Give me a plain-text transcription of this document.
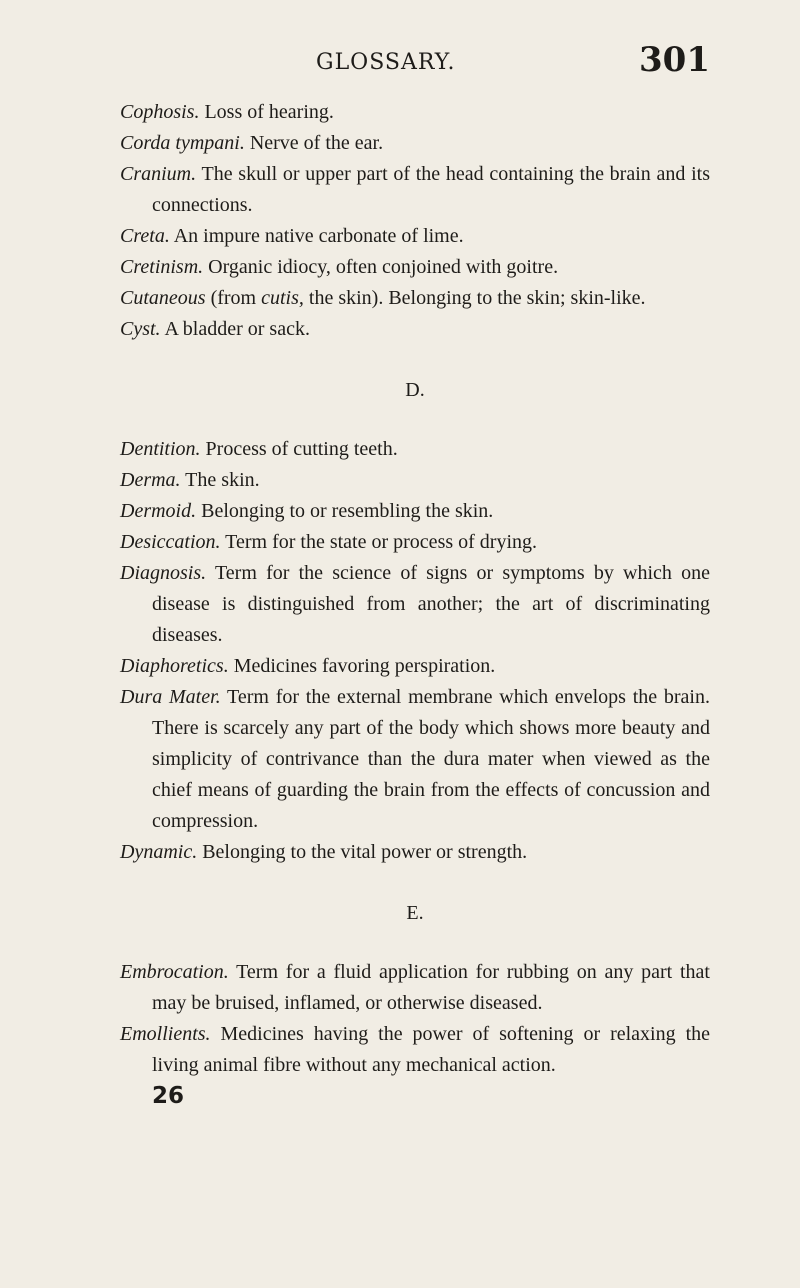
GLOSSARY.	301

Cophosis. Loss of hearing.

Corda tympani. Nerve of the ear.

Cranium. The skull or upper part of the head containing the brain and its connections.

Creta. An impure native carbonate of lime.

Cretinism. Organic idiocy, often conjoined with goitre.

Cutaneous (from cutis, the skin). Belonging to the skin; skin-like.

Cyst. A bladder or sack.

D.

Dentition. Process of cutting teeth.

Derma. The skin.

Dermoid. Belonging to or resembling the skin.

Desiccation. Term for the state or process of drying.

Diagnosis. Term for the science of signs or symptoms by which one disease is distinguished from another; the art of discriminating diseases.

Diaphoretics. Medicines favoring perspiration.

Dura Mater. Term for the external membrane which envelops the brain. There is scarcely any part of the body which shows more beauty and simplicity of contrivance than the dura mater when viewed as the chief means of guarding the brain from the effects of concussion and compression.

Dynamic. Belonging to the vital power or strength.

E.

Embrocation. Term for a fluid application for rubbing on any part that may be bruised, inflamed, or otherwise diseased.

Emollients. Medicines having the power of softening or relaxing the living animal fibre without any mechanical action.

26
